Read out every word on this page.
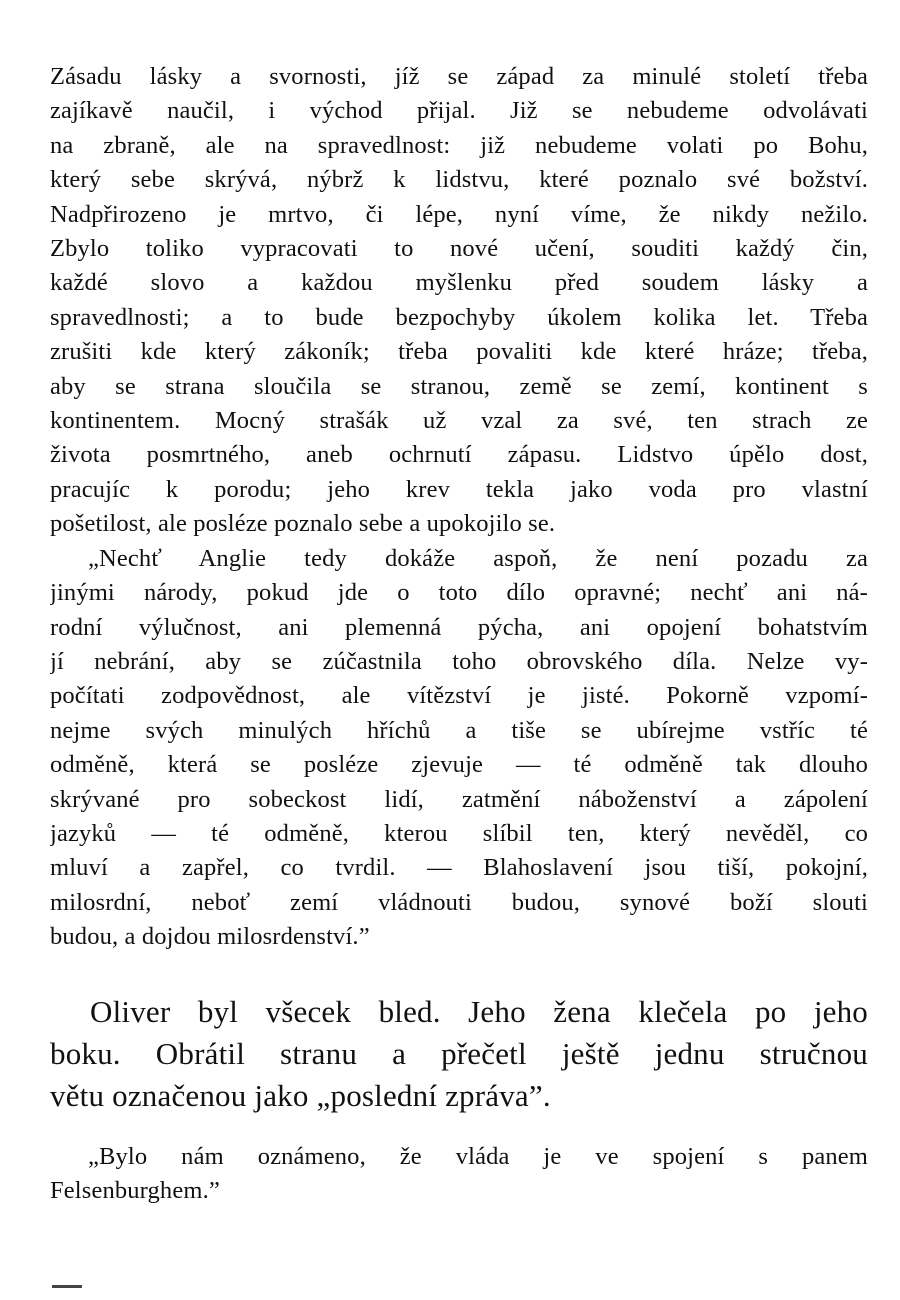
Zásadu lásky a svornosti, jíž se západ za minulé století třeba
zajíkavě naučil, i východ přijal. Již se nebudeme odvolávati
na zbraně, ale na spravedlnost: již nebudeme volati po Bohu,
který sebe skrývá, nýbrž k lidstvu, které poznalo své božství.
Nadpřirozeno je mrtvo, či lépe, nyní víme, že nikdy nežilo.
Zbylo toliko vypracovati to nové učení, souditi každý čin,
každé slovo a každou myšlenku před soudem lásky a
spravedlnosti; a to bude bezpochyby úkolem kolika let. Třeba
zrušiti kde který zákoník; třeba povaliti kde které hráze; třeba,
aby se strana sloučila se stranou, země se zemí, kontinent s
kontinentem. Mocný strašák už vzal za své, ten strach ze
života posmrtného, aneb ochrnutí zápasu. Lidstvo úpělo dost,
pracujíc k porodu; jeho krev tekla jako voda pro vlastní
pošetilost, ale posléze poznalo sebe a upokojilo se.
„Nechť Anglie tedy dokáže aspoň, že není pozadu za
jinými národy, pokud jde o toto dílo opravné; nechť ani ná-
rodní výlučnost, ani plemenná pýcha, ani opojení bohatstvím
jí nebrání, aby se zúčastnila toho obrovského díla. Nelze vy-
počítati zodpovědnost, ale vítězství je jisté. Pokorně vzpomí-
nejme svých minulých hříchů a tiše se ubírejme vstříc té
odměně, která se posléze zjevuje — té odměně tak dlouho
skrývané pro sobeckost lidí, zatmění náboženství a zápolení
jazyků — té odměně, kterou slíbil ten, který nevěděl, co
mluví a zapřel, co tvrdil. — Blahoslavení jsou tiší, pokojní,
milosrdní, neboť zemí vládnouti budou, synové boží slouti
budou, a dojdou milosrdenství.”
Oliver byl všecek bled. Jeho žena klečela po jeho
boku. Obrátil stranu a přečetl ještě jednu stručnou
větu označenou jako „poslední zpráva”.
„Bylo nám oznámeno, že vláda je ve spojení s panem
Felsenburghem.”
